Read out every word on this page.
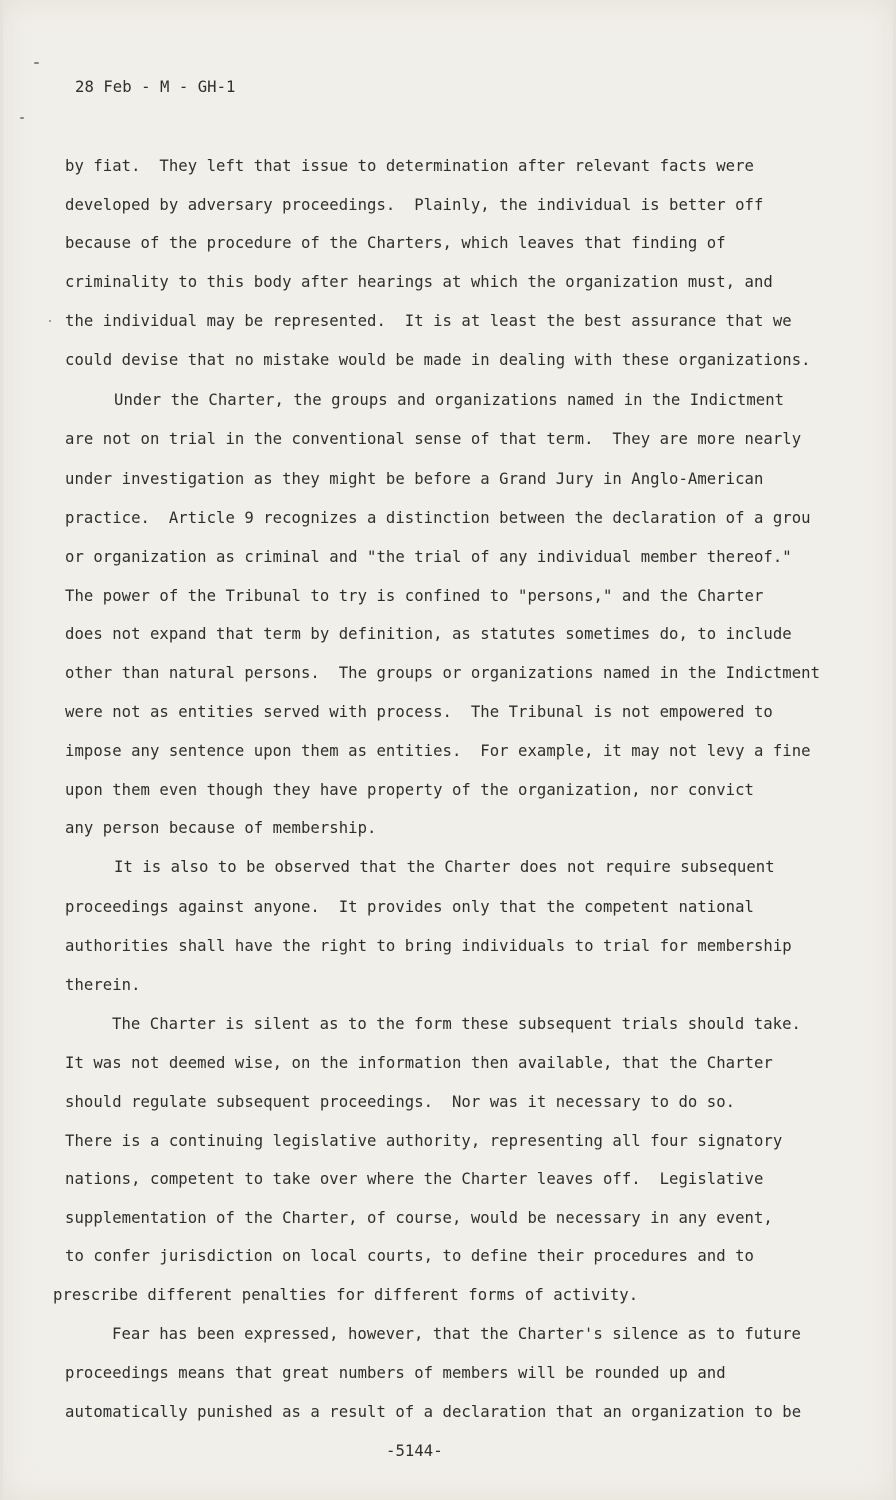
28 Feb - M - GH-1
by fiat.  They left that issue to determination after relevant facts were
developed by adversary proceedings.  Plainly, the individual is better off
because of the procedure of the Charters, which leaves that finding of
criminality to this body after hearings at which the organization must, and
the individual may be represented.  It is at least the best assurance that we
could devise that no mistake would be made in dealing with these organizations.
Under the Charter, the groups and organizations named in the Indictment
are not on trial in the conventional sense of that term.  They are more nearly
under investigation as they might be before a Grand Jury in Anglo-American
practice.  Article 9 recognizes a distinction between the declaration of a grou
or organization as criminal and "the trial of any individual member thereof."
The power of the Tribunal to try is confined to "persons," and the Charter
does not expand that term by definition, as statutes sometimes do, to include
other than natural persons.  The groups or organizations named in the Indictment
were not as entities served with process.  The Tribunal is not empowered to
impose any sentence upon them as entities.  For example, it may not levy a fine
upon them even though they have property of the organization, nor convict
any person because of membership.
It is also to be observed that the Charter does not require subsequent
proceedings against anyone.  It provides only that the competent national
authorities shall have the right to bring individuals to trial for membership
therein.
The Charter is silent as to the form these subsequent trials should take.
It was not deemed wise, on the information then available, that the Charter
should regulate subsequent proceedings.  Nor was it necessary to do so.
There is a continuing legislative authority, representing all four signatory
nations, competent to take over where the Charter leaves off.  Legislative
supplementation of the Charter, of course, would be necessary in any event,
to confer jurisdiction on local courts, to define their procedures and to
prescribe different penalties for different forms of activity.
Fear has been expressed, however, that the Charter's silence as to future
proceedings means that great numbers of members will be rounded up and
automatically punished as a result of a declaration that an organization to be
-5144-
